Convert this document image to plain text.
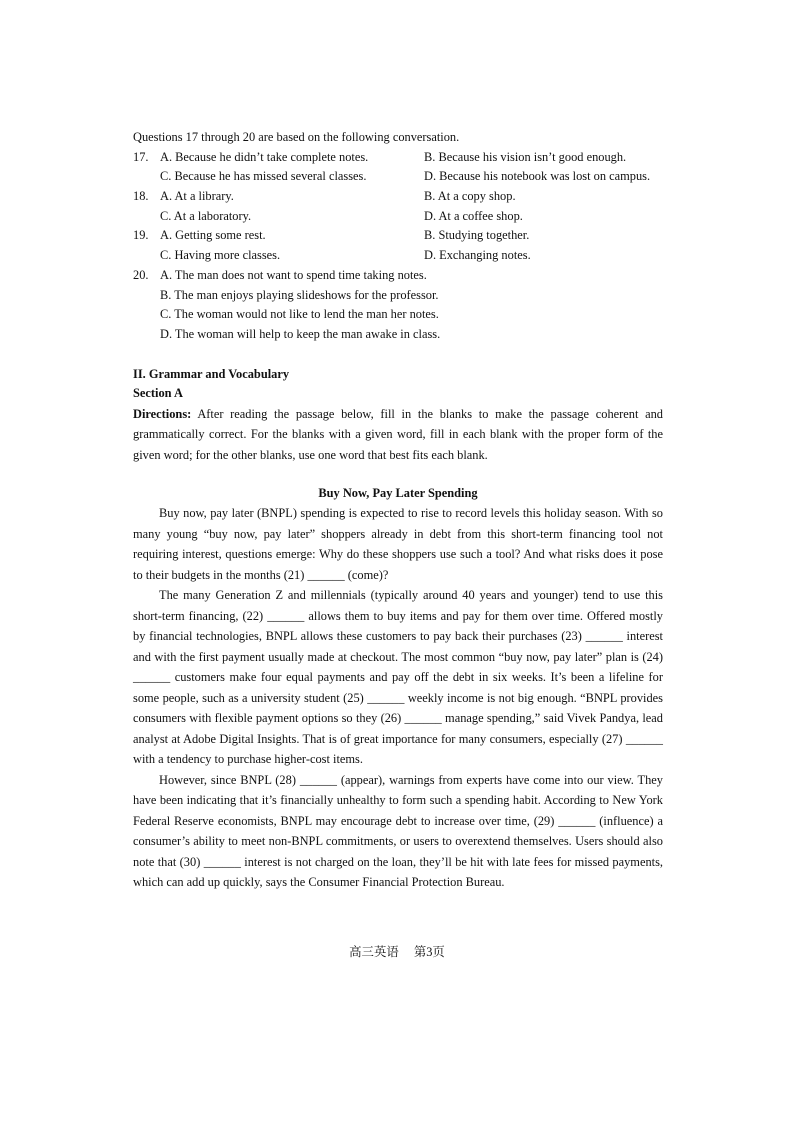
Questions 17 through 20 are based on the following conversation.
17. A. Because he didn’t take complete notes.	B. Because his vision isn’t good enough.
C. Because he has missed several classes.	D. Because his notebook was lost on campus.
18. A. At a library.	B. At a copy shop.
C. At a laboratory.	D. At a coffee shop.
19. A. Getting some rest.	B. Studying together.
C. Having more classes.	D. Exchanging notes.
20. A. The man does not want to spend time taking notes.
B. The man enjoys playing slideshows for the professor.
C. The woman would not like to lend the man her notes.
D. The woman will help to keep the man awake in class.
II. Grammar and Vocabulary
Section A

Directions: After reading the passage below, fill in the blanks to make the passage coherent and grammatically correct. For the blanks with a given word, fill in each blank with the proper form of the given word; for the other blanks, use one word that best fits each blank.

Buy Now, Pay Later Spending

Buy now, pay later (BNPL) spending is expected to rise to record levels this holiday season. With so many young “buy now, pay later” shoppers already in debt from this short-term financing tool not requiring interest, questions emerge: Why do these shoppers use such a tool? And what risks does it pose to their budgets in the months (21) ______ (come)?

The many Generation Z and millennials (typically around 40 years and younger) tend to use this short-term financing, (22) ______ allows them to buy items and pay for them over time. Offered mostly by financial technologies, BNPL allows these customers to pay back their purchases (23) ______ interest and with the first payment usually made at checkout. The most common “buy now, pay later” plan is (24) ______ customers make four equal payments and pay off the debt in six weeks. It’s been a lifeline for some people, such as a university student (25) ______ weekly income is not big enough. “BNPL provides consumers with flexible payment options so they (26) ______ manage spending,” said Vivek Pandya, lead analyst at Adobe Digital Insights. That is of great importance for many consumers, especially (27) ______ with a tendency to purchase higher-cost items.

However, since BNPL (28) ______ (appear), warnings from experts have come into our view. They have been indicating that it’s financially unhealthy to form such a spending habit. According to New York Federal Reserve economists, BNPL may encourage debt to increase over time, (29) ______ (influence) a consumer’s ability to meet non-BNPL commitments, or users to overextend themselves. Users should also note that (30) ______ interest is not charged on the loan, they’ll be hit with late fees for missed payments, which can add up quickly, says the Consumer Financial Protection Bureau.

高三英语 第3页
